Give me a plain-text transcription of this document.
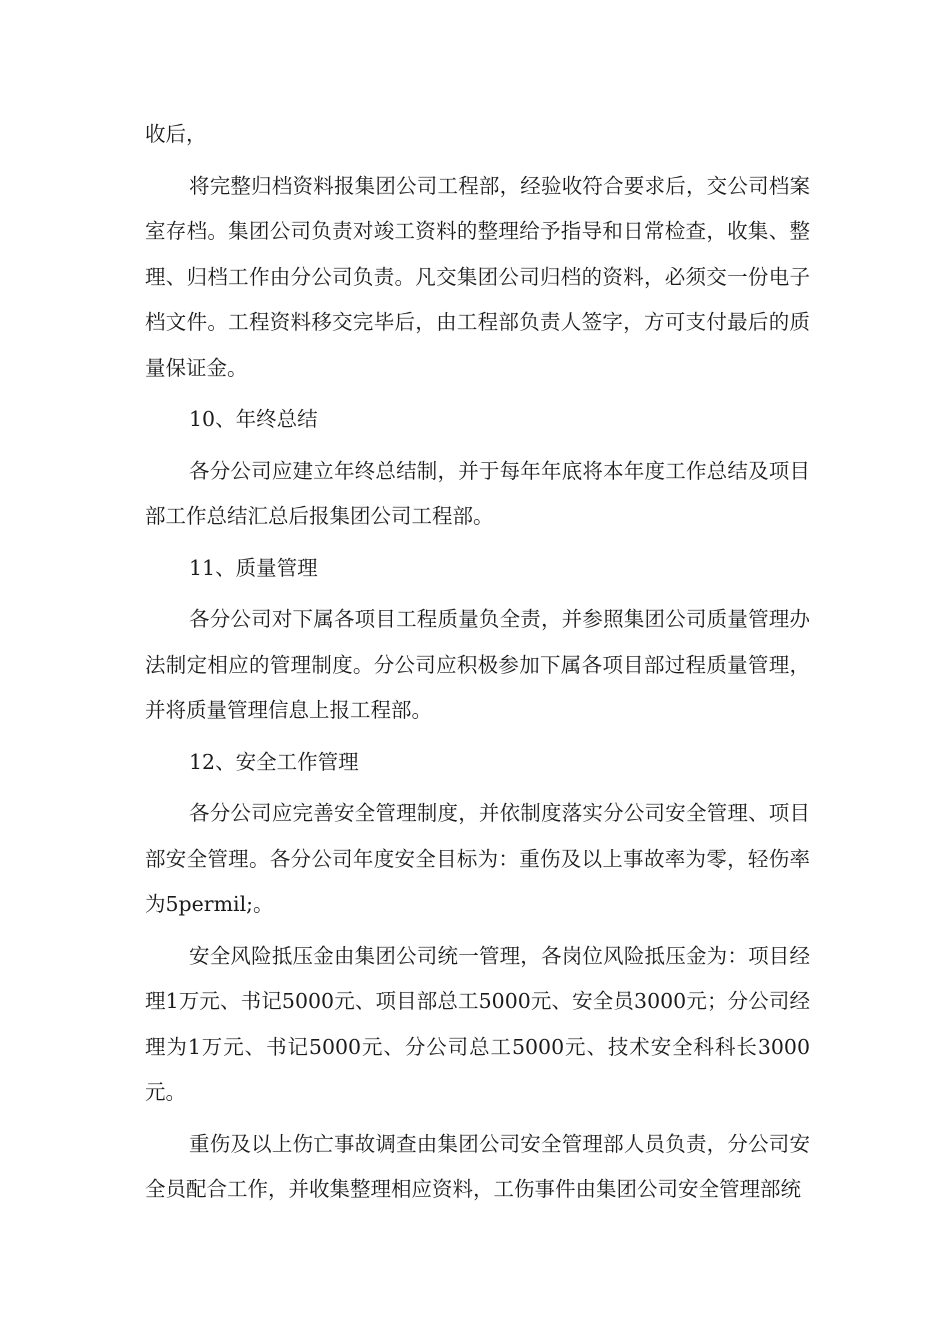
收后，

将完整归档资料报集团公司工程部，经验收符合要求后，交公司档案室存档。集团公司负责对竣工资料的整理给予指导和日常检查，收集、整理、归档工作由分公司负责。凡交集团公司归档的资料，必须交一份电子档文件。工程资料移交完毕后，由工程部负责人签字，方可支付最后的质量保证金。

10、年终总结

各分公司应建立年终总结制，并于每年年底将本年度工作总结及项目部工作总结汇总后报集团公司工程部。

11、质量管理

各分公司对下属各项目工程质量负全责，并参照集团公司质量管理办法制定相应的管理制度。分公司应积极参加下属各项目部过程质量管理，并将质量管理信息上报工程部。

12、安全工作管理

各分公司应完善安全管理制度，并依制度落实分公司安全管理、项目部安全管理。各分公司年度安全目标为：重伤及以上事故率为零，轻伤率为5permil;。

安全风险抵压金由集团公司统一管理，各岗位风险抵压金为：项目经理1万元、书记5000元、项目部总工5000元、安全员3000元；分公司经理为1万元、书记5000元、分公司总工5000元、技术安全科科长3000元。

重伤及以上伤亡事故调查由集团公司安全管理部人员负责，分公司安全员配合工作，并收集整理相应资料，工伤事件由集团公司安全管理部统
